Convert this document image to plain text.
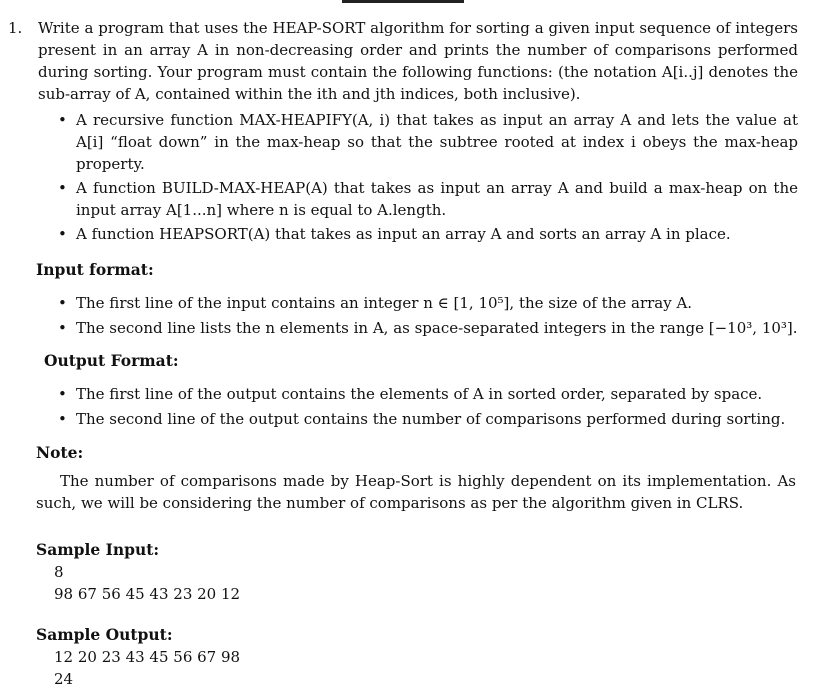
1. Write a program that uses the HEAP-SORT algorithm for sorting a given input sequence of integers present in an array A in non-decreasing order and prints the number of comparisons performed during sorting. Your program must contain the following functions: (the notation A[i..j] denotes the sub-array of A, contained within the ith and jth indices, both inclusive).
• A recursive function MAX-HEAPIFY(A, i) that takes as input an array A and lets the value at A[i] “float down” in the max-heap so that the subtree rooted at index i obeys the max-heap property.
• A function BUILD-MAX-HEAP(A) that takes as input an array A and build a max-heap on the input array A[1...n] where n is equal to A.length.
• A function HEAPSORT(A) that takes as input an array A and sorts an array A in place.
Input format:
• The first line of the input contains an integer n ∈ [1, 10⁵], the size of the array A.
• The second line lists the n elements in A, as space-separated integers in the range [−10³, 10³].
Output Format:
• The first line of the output contains the elements of A in sorted order, separated by space.
• The second line of the output contains the number of comparisons performed during sorting.
Note:
The number of comparisons made by Heap-Sort is highly dependent on its implementation. As such, we will be considering the number of comparisons as per the algorithm given in CLRS.
Sample Input:
8
98 67 56 45 43 23 20 12
Sample Output:
12 20 23 43 45 56 67 98
24
